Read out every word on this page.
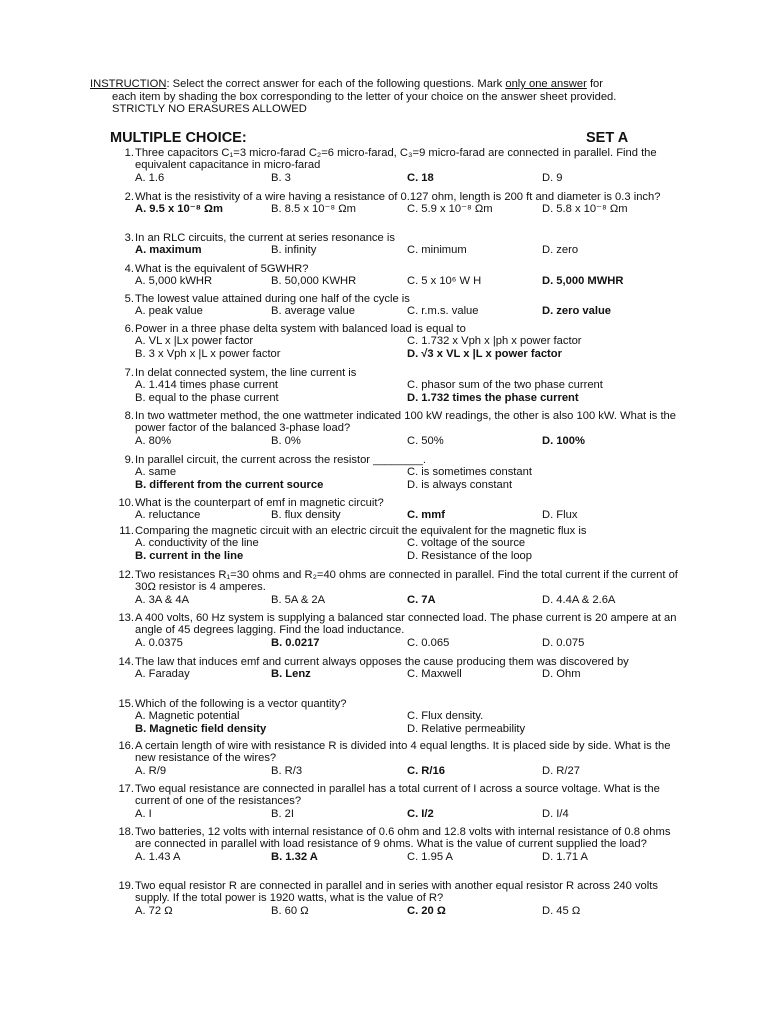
INSTRUCTION: Select the correct answer for each of the following questions. Mark only one answer for
each item by shading the box corresponding to the letter of your choice on the answer sheet provided.
STRICTLY NO ERASURES ALLOWED
MULTIPLE CHOICE:	SET A
1. Three capacitors C₁=3 micro-farad C₂=6 micro-farad, C₃=9 micro-farad are connected in parallel. Find the equivalent capacitance in micro-farad
A. 1.6	B. 3	C. 18	D. 9
2. What is the resistivity of a wire having a resistance of 0.127 ohm, length is 200 ft and diameter is 0.3 inch?
A. 9.5 x 10⁻⁸ Ωm	B. 8.5 x 10⁻⁸ Ωm	C. 5.9 x 10⁻⁸ Ωm	D. 5.8 x 10⁻⁸ Ωm
3. In an RLC circuits, the current at series resonance is
A. maximum	B. infinity	C. minimum	D. zero
4. What is the equivalent of 5GWHR?
A. 5,000 kWHR	B. 50,000 KWHR	C. 5 x 10⁶ W H	D. 5,000 MWHR
5. The lowest value attained during one half of the cycle is
A. peak value	B. average value	C. r.m.s. value	D. zero value
6. Power in a three phase delta system with balanced load is equal to
A. VL x |Lx power factor	C. 1.732 x Vph x |ph x power factor
B. 3 x Vph x |L x power factor	D. √3 x VL x |L x power factor
7. In delat connected system, the line current is
A. 1.414 times phase current	C. phasor sum of the two phase current
B. equal to the phase current	D. 1.732 times the phase current
8. In two wattmeter method, the one wattmeter indicated 100 kW readings, the other is also 100 kW. What is the power factor of the balanced 3-phase load?
A. 80%	B. 0%	C. 50%	D. 100%
9. In parallel circuit, the current across the resistor ________.
A. same	C. is sometimes constant
B. different from the current source	D. is always constant
10. What is the counterpart of emf in magnetic circuit?
A. reluctance	B. flux density	C. mmf	D. Flux
11. Comparing the magnetic circuit with an electric circuit the equivalent for the magnetic flux is
A. conductivity of the line	C. voltage of the source
B. current in the line	D. Resistance of the loop
12. Two resistances R₁=30 ohms and R₂=40 ohms are connected in parallel. Find the total current if the current of 30Ω resistor is 4 amperes.
A. 3A & 4A	B. 5A & 2A	C. 7A	D. 4.4A & 2.6A
13. A 400 volts, 60 Hz system is supplying a balanced star connected load. The phase current is 20 ampere at an angle of 45 degrees lagging. Find the load inductance.
A. 0.0375	B. 0.0217	C. 0.065	D. 0.075
14. The law that induces emf and current always opposes the cause producing them was discovered by
A. Faraday	B. Lenz	C. Maxwell	D. Ohm
15. Which of the following is a vector quantity?
A. Magnetic potential	C. Flux density.
B. Magnetic field density	D. Relative permeability
16. A certain length of wire with resistance R is divided into 4 equal lengths. It is placed side by side. What is the new resistance of the wires?
A. R/9	B. R/3	C. R/16	D. R/27
17. Two equal resistance are connected in parallel has a total current of I across a source voltage. What is the current of one of the resistances?
A. I	B. 2I	C. I/2	D. I/4
18. Two batteries, 12 volts with internal resistance of 0.6 ohm and 12.8 volts with internal resistance of 0.8 ohms are connected in parallel with load resistance of 9 ohms. What is the value of current supplied the load?
A. 1.43 A	B. 1.32 A	C. 1.95 A	D. 1.71 A
19. Two equal resistor R are connected in parallel and in series with another equal resistor R across 240 volts supply. If the total power is 1920 watts, what is the value of R?
A. 72 Ω	B. 60 Ω	C. 20 Ω	D. 45 Ω
